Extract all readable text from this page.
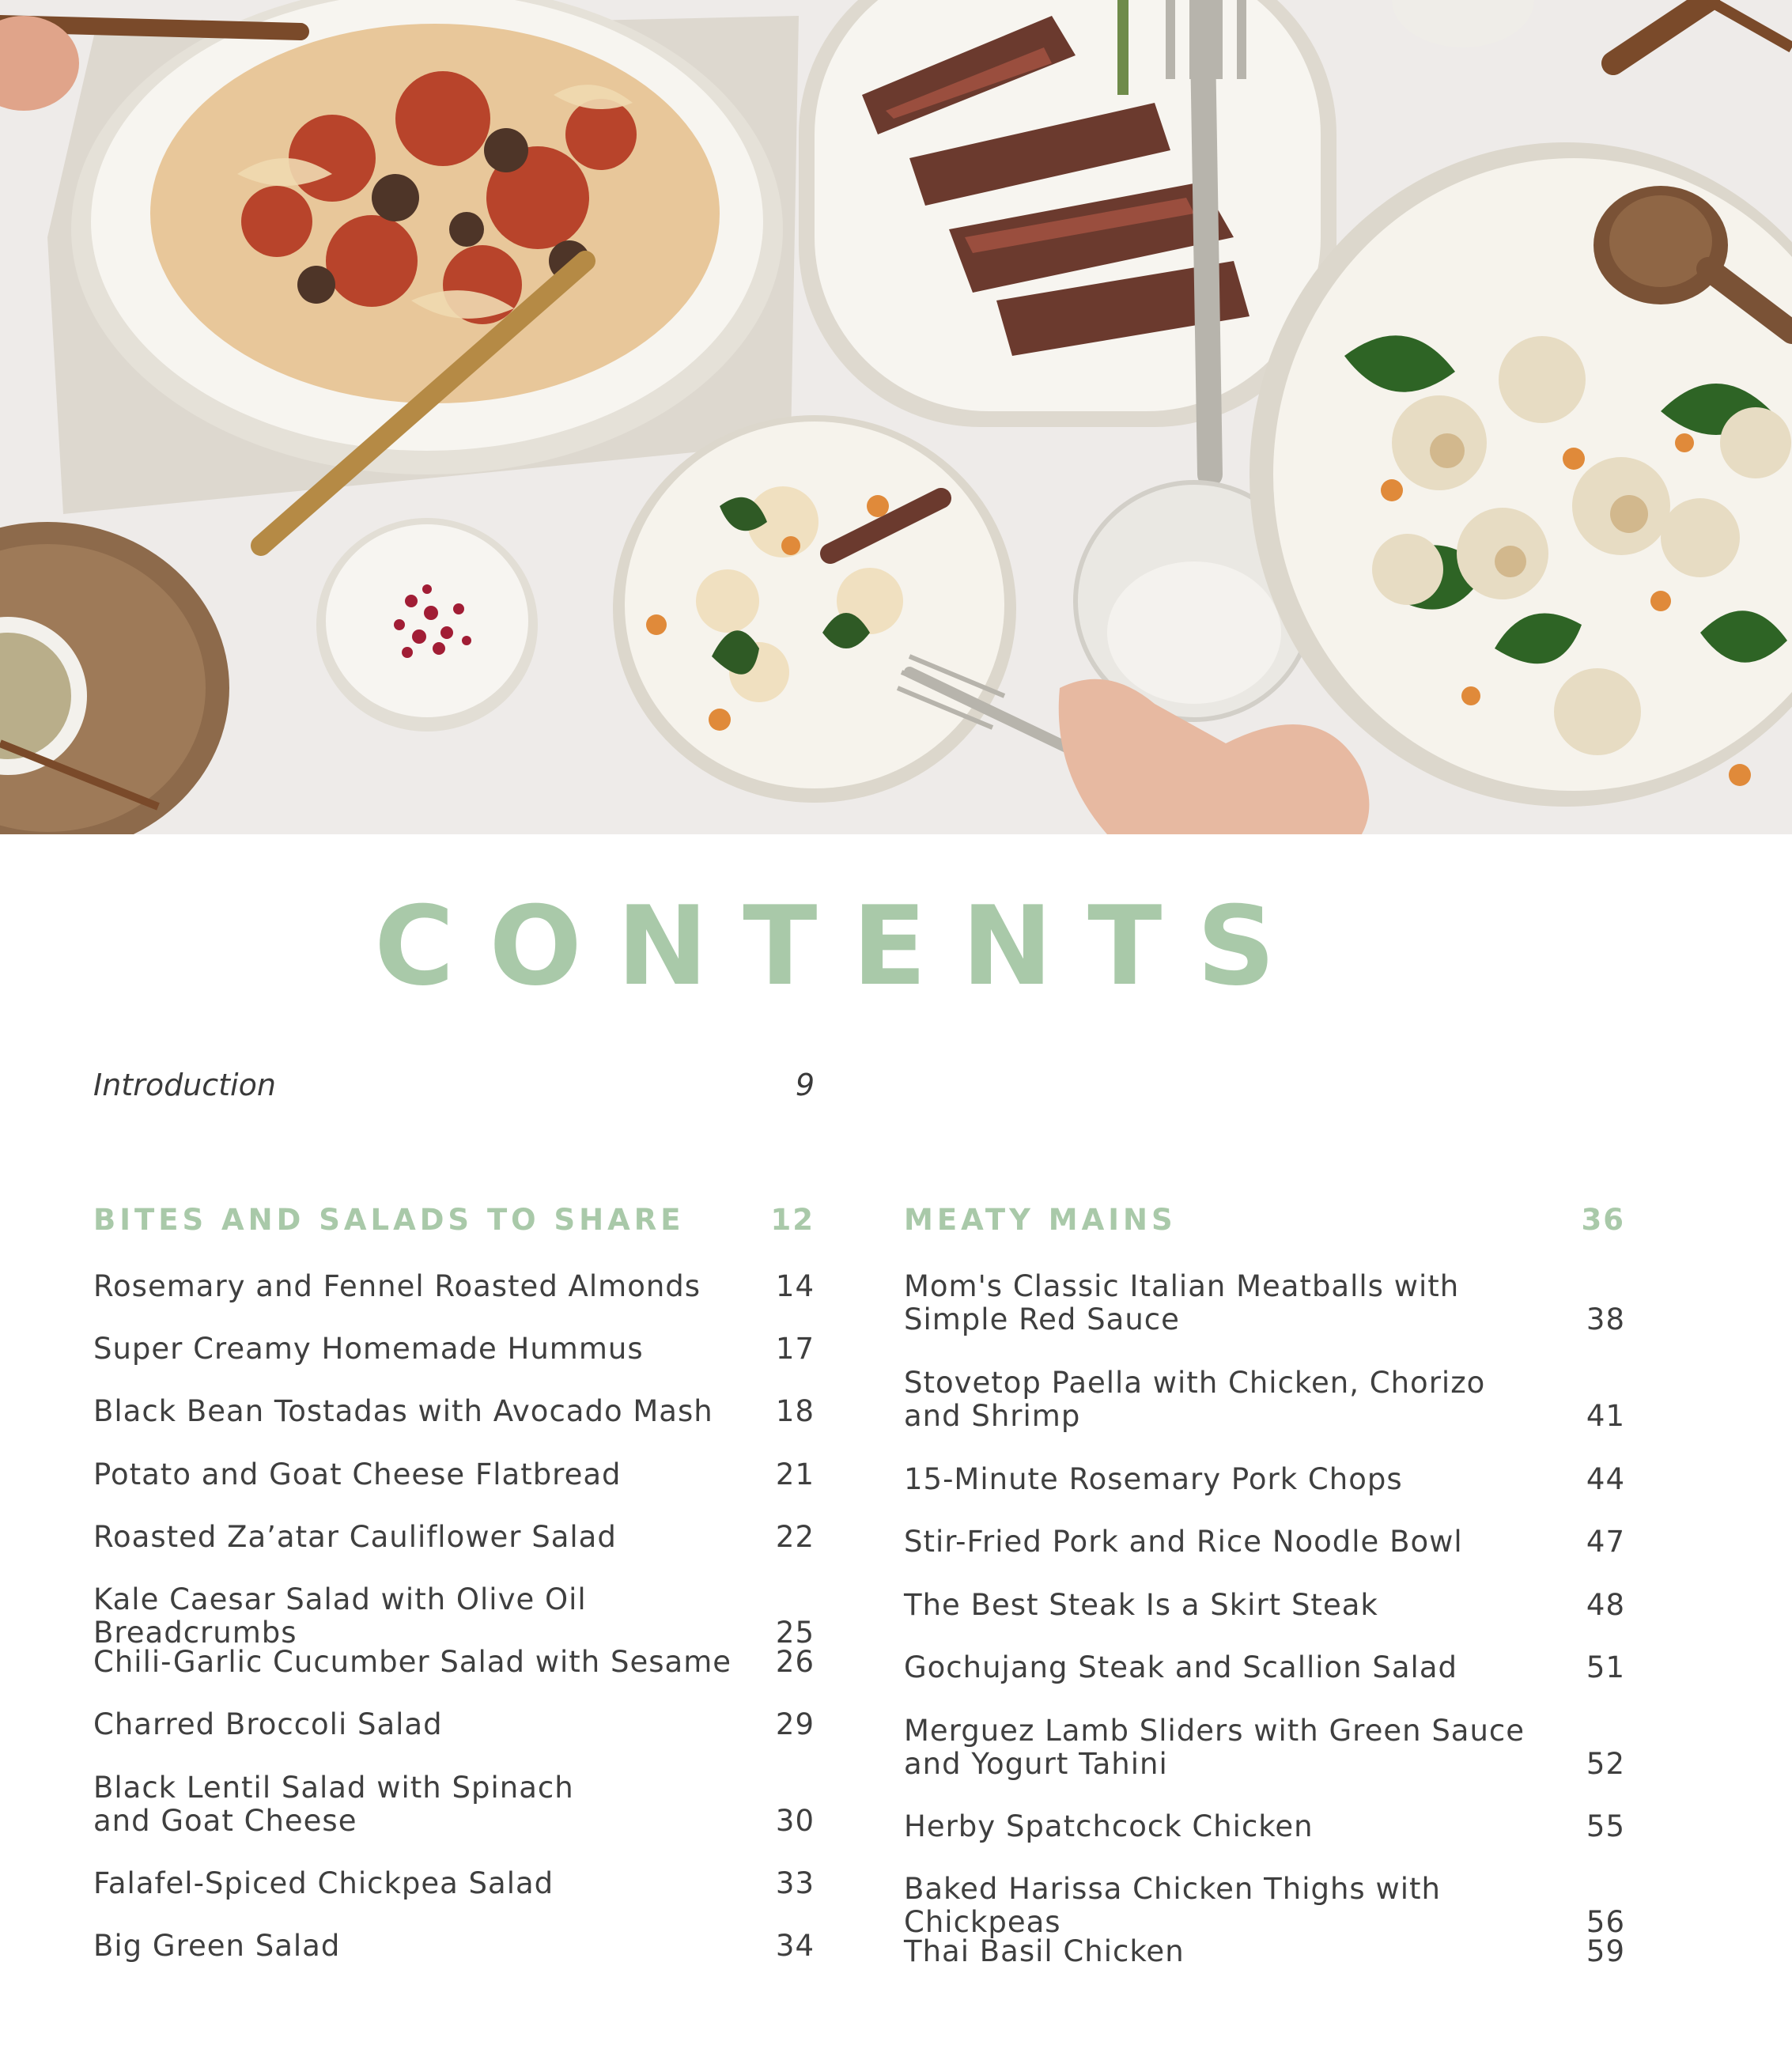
CONTENTS
Introduction	9
BITES AND SALADS TO SHARE	12
Rosemary and Fennel Roasted Almonds	14
Super Creamy Homemade Hummus	17
Black Bean Tostadas with Avocado Mash	18
Potato and Goat Cheese Flatbread	21
Roasted Za’atar Cauliflower Salad	22
Kale Caesar Salad with Olive Oil Breadcrumbs	25
Chili-Garlic Cucumber Salad with Sesame	26
Charred Broccoli Salad	29
Black Lentil Salad with Spinach
and Goat Cheese	30
Falafel-Spiced Chickpea Salad	33
Big Green Salad	34
MEATY MAINS	36
Mom's Classic Italian Meatballs with
Simple Red Sauce	38
Stovetop Paella with Chicken, Chorizo
and Shrimp	41
15-Minute Rosemary Pork Chops	44
Stir-Fried Pork and Rice Noodle Bowl	47
The Best Steak Is a Skirt Steak	48
Gochujang Steak and Scallion Salad	51
Merguez Lamb Sliders with Green Sauce
and Yogurt Tahini	52
Herby Spatchcock Chicken	55
Baked Harissa Chicken Thighs with Chickpeas	56
Thai Basil Chicken	59
